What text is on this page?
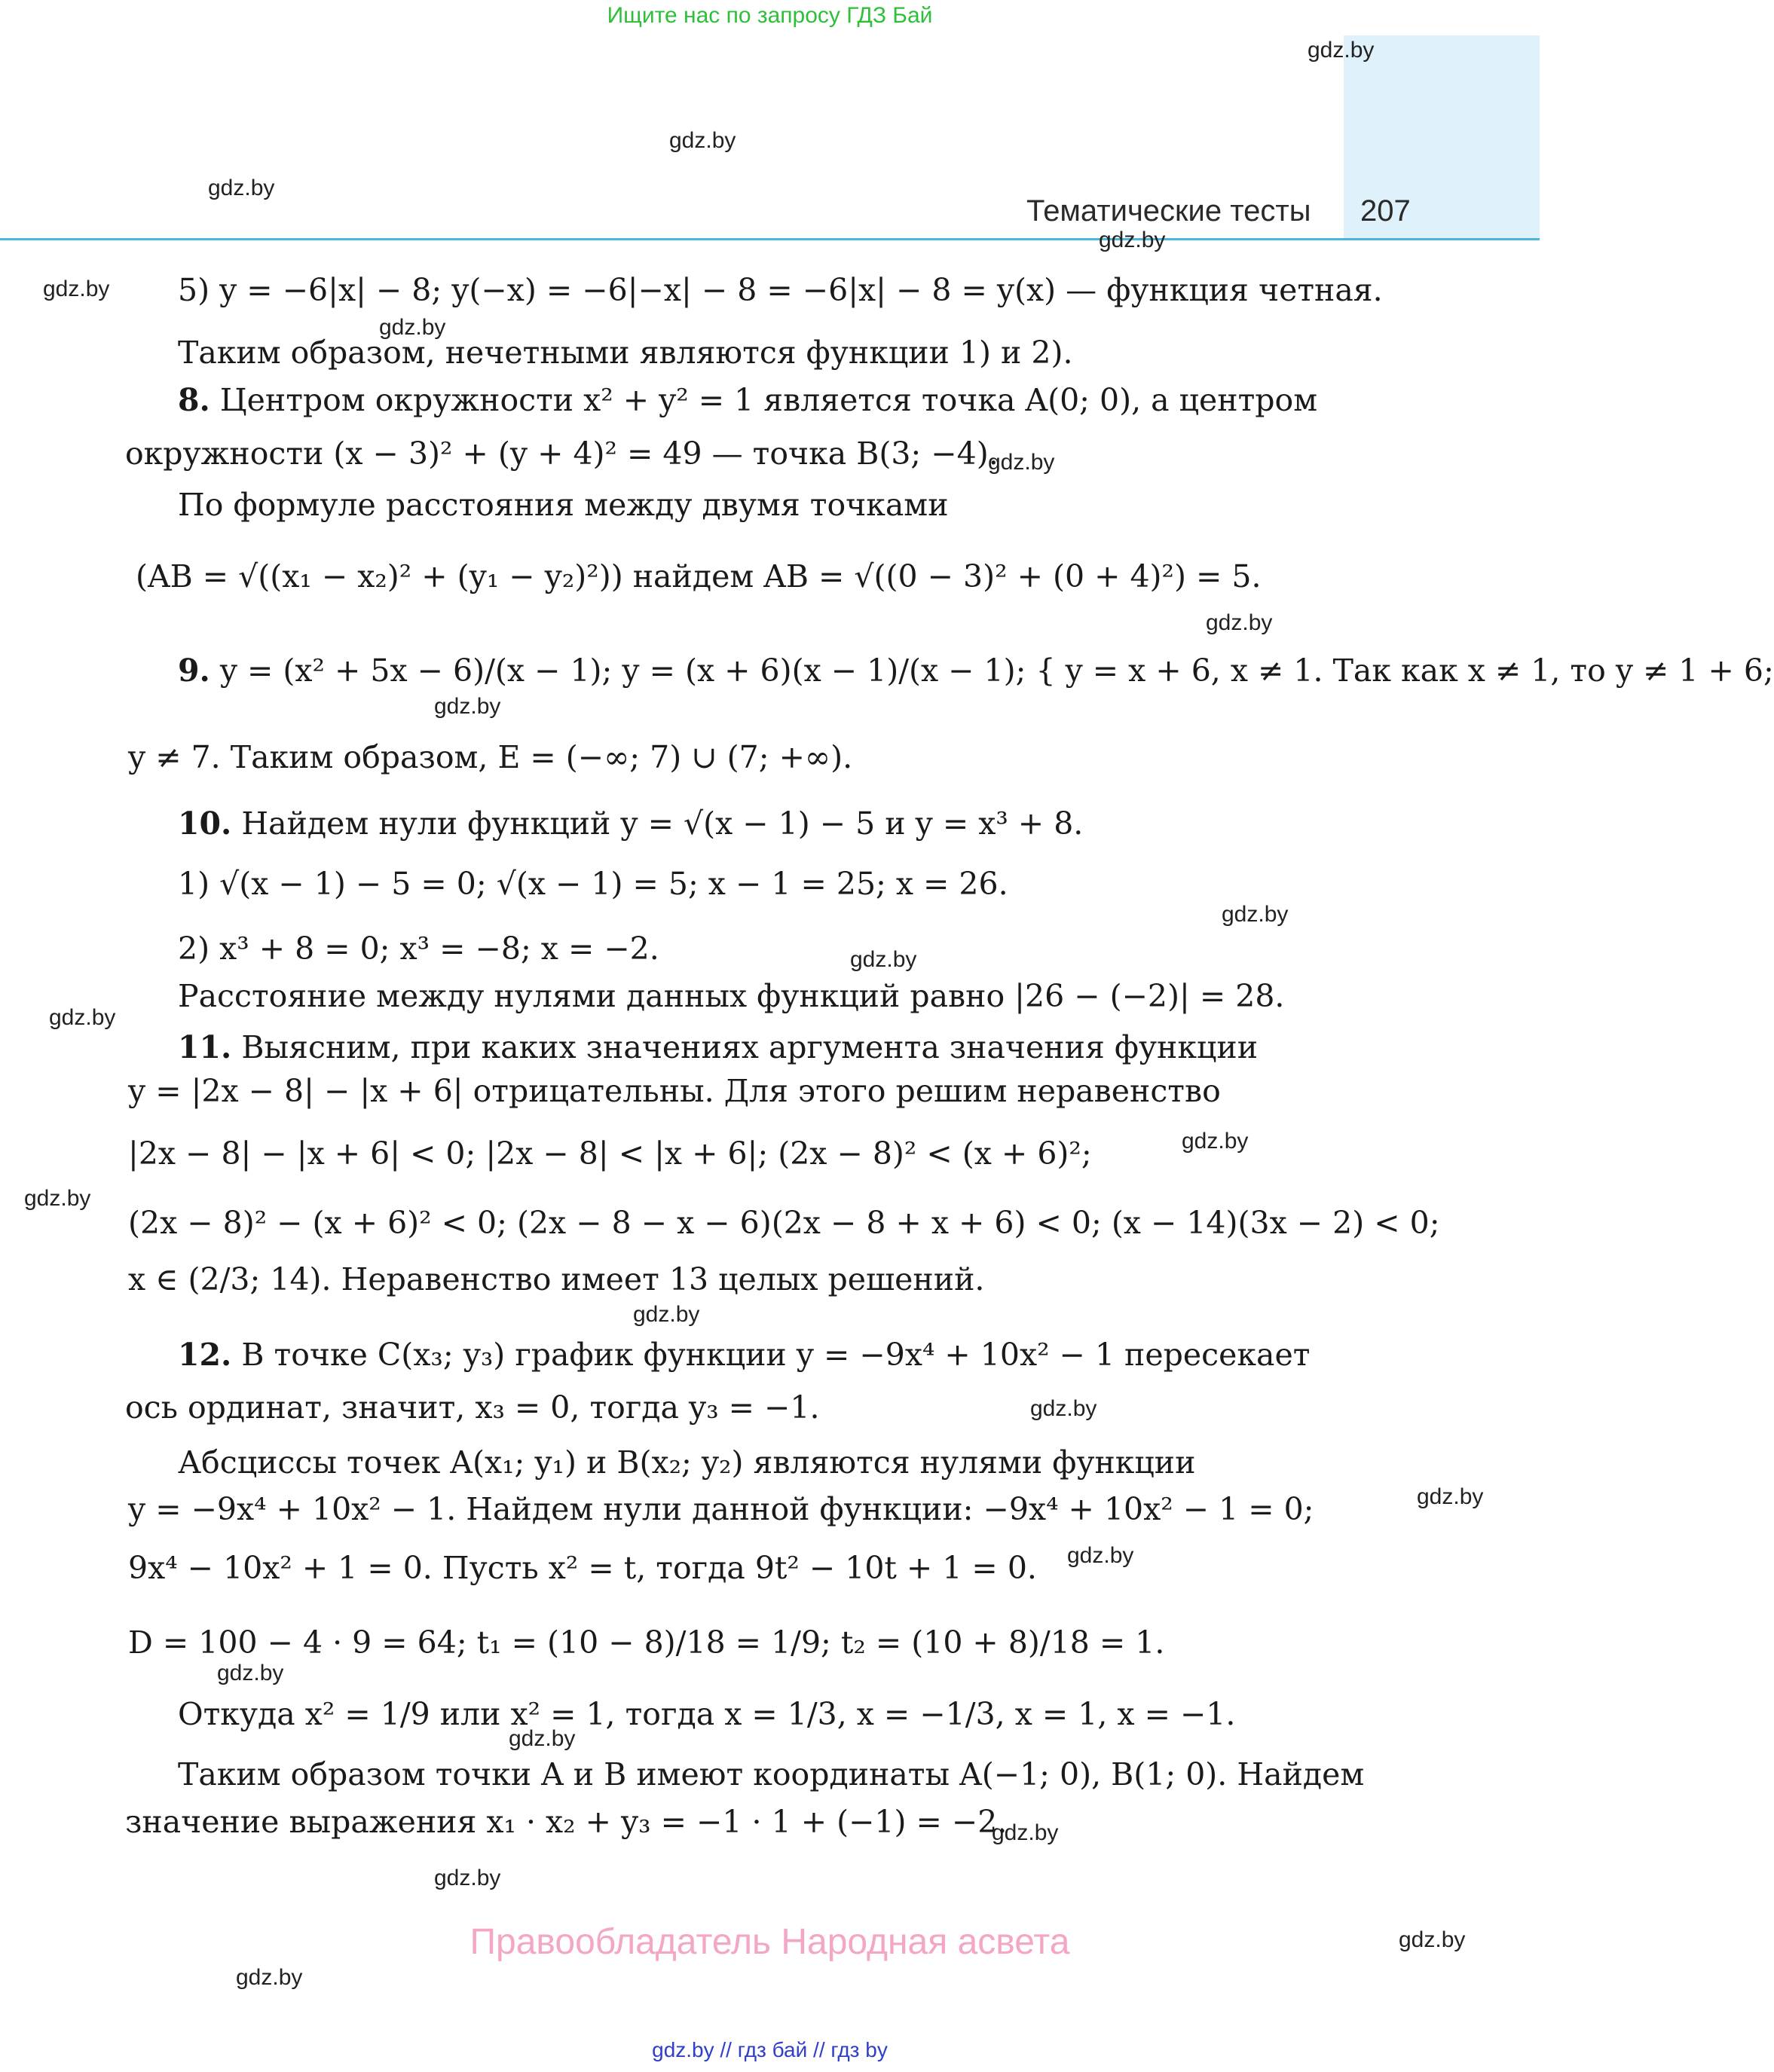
Ищите нас по запросу ГДЗ Бай
Тематические тесты 207
gdz.by
gdz.by
gdz.by
gdz.by
gdz.by
gdz.by
gdz.by
gdz.by
gdz.by
gdz.by
gdz.by
gdz.by
gdz.by
gdz.by
gdz.by
gdz.by
gdz.by
gdz.by
gdz.by
gdz.by
gdz.by
gdz.by
gdz.by
gdz.by
5) y = −6|x| − 8; y(−x) = −6|−x| − 8 = −6|x| − 8 = y(x) — функция четная.
Таким образом, нечетными являются функции 1) и 2).
8. Центром окружности x² + y² = 1 является точка A(0; 0), а центром
окружности (x − 3)² + (y + 4)² = 49 — точка B(3; −4).
По формуле расстояния между двумя точками
(AB = √((x₁ − x₂)² + (y₁ − y₂)²)) найдем AB = √((0 − 3)² + (0 + 4)²) = 5.
9. y = (x² + 5x − 6)/(x − 1); y = (x + 6)(x − 1)/(x − 1); { y = x + 6, x ≠ 1. Так как x ≠ 1, то y ≠ 1 + 6;
y ≠ 7. Таким образом, E = (−∞; 7) ∪ (7; +∞).
10. Найдем нули функций y = √(x − 1) − 5 и y = x³ + 8.
1) √(x − 1) − 5 = 0; √(x − 1) = 5; x − 1 = 25; x = 26.
2) x³ + 8 = 0; x³ = −8; x = −2.
Расстояние между нулями данных функций равно |26 − (−2)| = 28.
11. Выясним, при каких значениях аргумента значения функции
y = |2x − 8| − |x + 6| отрицательны. Для этого решим неравенство
|2x − 8| − |x + 6| < 0; |2x − 8| < |x + 6|; (2x − 8)² < (x + 6)²;
(2x − 8)² − (x + 6)² < 0; (2x − 8 − x − 6)(2x − 8 + x + 6) < 0; (x − 14)(3x − 2) < 0;
x ∈ (2/3; 14). Неравенство имеет 13 целых решений.
12. В точке C(x₃; y₃) график функции y = −9x⁴ + 10x² − 1 пересекает
ось ординат, значит, x₃ = 0, тогда y₃ = −1.
Абсциссы точек A(x₁; y₁) и B(x₂; y₂) являются нулями функции
y = −9x⁴ + 10x² − 1. Найдем нули данной функции: −9x⁴ + 10x² − 1 = 0;
9x⁴ − 10x² + 1 = 0. Пусть x² = t, тогда 9t² − 10t + 1 = 0.
D = 100 − 4 · 9 = 64; t₁ = (10 − 8)/18 = 1/9; t₂ = (10 + 8)/18 = 1.
Откуда x² = 1/9 или x² = 1, тогда x = 1/3, x = −1/3, x = 1, x = −1.
Таким образом точки A и B имеют координаты A(−1; 0), B(1; 0). Найдем
значение выражения x₁ · x₂ + y₃ = −1 · 1 + (−1) = −2.
Правообладатель Народная асвета
gdz.by // гдз бай // гдз by
